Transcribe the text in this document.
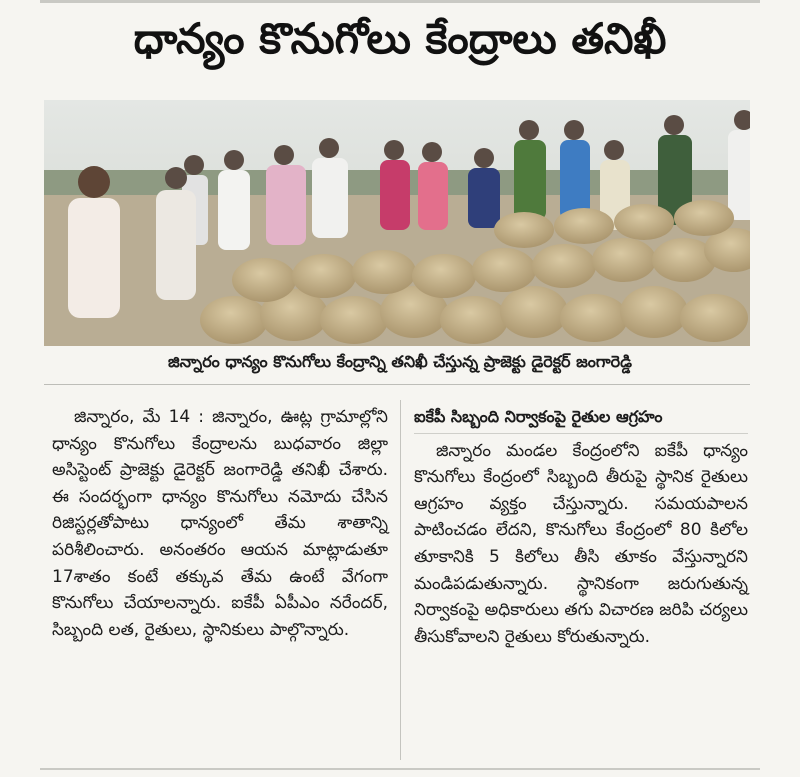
ధాన్యం కొనుగోలు కేంద్రాలు తనిఖీ
జిన్నారం ధాన్యం కొనుగోలు కేంద్రాన్ని తనిఖీ చేస్తున్న ప్రాజెక్టు డైరెక్టర్ జంగారెడ్డి

జిన్నారం, మే 14 : జిన్నారం, ఊట్ల గ్రామాల్లోని ధాన్యం కొనుగోలు కేంద్రాలను బుధవారం జిల్లా అసిస్టెంట్ ప్రాజెక్టు డైరెక్టర్ జంగారెడ్డి తనిఖీ చేశారు. ఈ సందర్భంగా ధాన్యం కొనుగోలు నమోదు చేసిన రిజిస్టర్లతోపాటు ధాన్యంలో తేమ శాతాన్ని పరిశీలించారు. అనంతరం ఆయన మాట్లాడుతూ 17శాతం కంటే తక్కువ తేమ ఉంటే వేగంగా కొనుగోలు చేయాలన్నారు. ఐకేపీ ఏపీఎం నరేందర్, సిబ్బంది లత, రైతులు, స్థానికులు పాల్గొన్నారు.

ఐకేపీ సిబ్బంది నిర్వాకంపై రైతుల ఆగ్రహం

జిన్నారం మండల కేంద్రంలోని ఐకేపీ ధాన్యం కొనుగోలు కేంద్రంలో సిబ్బంది తీరుపై స్థానిక రైతులు ఆగ్రహం వ్యక్తం చేస్తున్నారు. సమయపాలన పాటించడం లేదని, కొనుగోలు కేంద్రంలో 80 కిలోల తూకానికి 5 కిలోలు తీసి తూకం వేస్తున్నారని మండిపడుతున్నారు. స్థానికంగా జరుగుతున్న నిర్వాకంపై అధికారులు తగు విచారణ జరిపి చర్యలు తీసుకోవాలని రైతులు కోరుతున్నారు.
